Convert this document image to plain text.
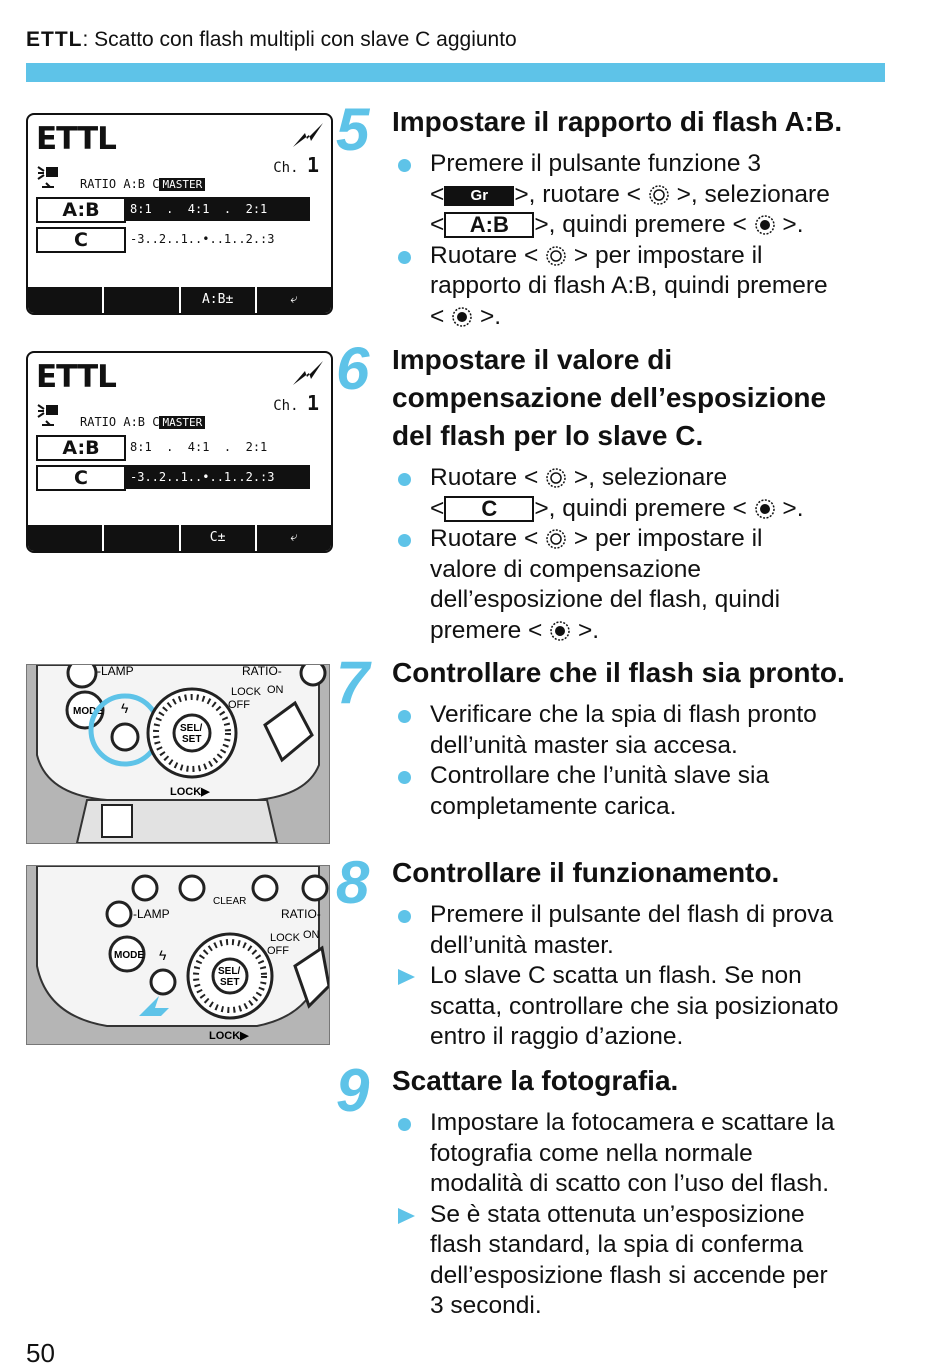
ETTL: Scatto con flash multipli con slave C aggiunto
ETTL
Ch. 1
RATIO A:B C MASTER
A:B	8:1  .  4:1  .  2:1
C	-3..2..1..•..1..2.:3
A:B±	⤶
ETTL
Ch. 1
RATIO A:B C MASTER
A:B	8:1  .  4:1  .  2:1
C	-3..2..1..•..1..2.:3
C±	⤶
-LAMP	RATIO-
MODE ϟ
SEL/
SET
LOCK ON
OFF
LOCK▶
CLEAR
-LAMP	RATIO-
MODE ϟ
SEL/
SET
LOCK ON
OFF
LOCK▶
5 Impostare il rapporto di flash A:B.
Premere il pulsante funzione 3
< Gr >, ruotare < >, selezionare
< A:B >, quindi premere < >.
Ruotare < > per impostare il
rapporto di flash A:B, quindi premere
<  >.
6 Impostare il valore di
compensazione dell’esposizione
del flash per lo slave C.
Ruotare < >, selezionare
< C >, quindi premere < >.
Ruotare < > per impostare il
valore di compensazione
dell’esposizione del flash, quindi
premere < >.
7 Controllare che il flash sia pronto.
Verificare che la spia di flash pronto
dell’unità master sia accesa.
Controllare che l’unità slave sia
completamente carica.
8 Controllare il funzionamento.
Premere il pulsante del flash di prova
dell’unità master.
Lo slave C scatta un flash. Se non
scatta, controllare che sia posizionato
entro il raggio d’azione.
9 Scattare la fotografia.
Impostare la fotocamera e scattare la
fotografia come nella normale
modalità di scatto con l’uso del flash.
Se è stata ottenuta un’esposizione
flash standard, la spia di conferma
dell’esposizione flash si accende per
3 secondi.
50
